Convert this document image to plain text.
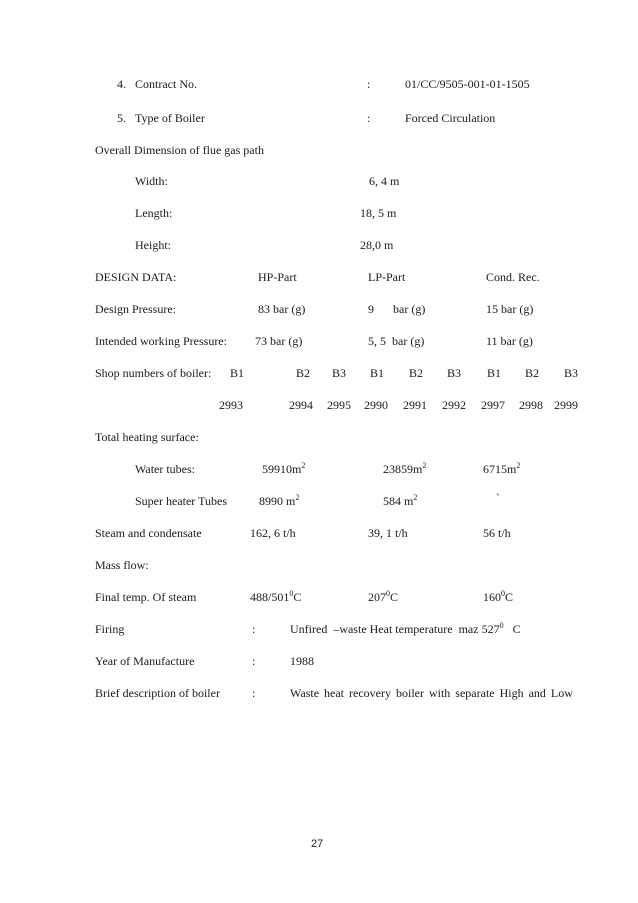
4. Contract No.	:	01/CC/9505-001-01-1505
5. Type of Boiler	:	Forced Circulation
Overall Dimension of flue gas path
Width:	6, 4 m
Length:	18, 5 m
Height:	28,0 m
DESIGN DATA:	HP-Part	LP-Part	Cond. Rec.
Design Pressure:	83 bar (g)	9 bar (g)	15 bar (g)
Intended working Pressure: 73 bar (g)	5, 5  bar (g)	11 bar (g)
Shop numbers of boiler: B1	B2 B3 B1 B2 B3 B1 B2 B3
2993	2994 2995 2990 2991 2992 2997 2998 2999
Total heating surface:
Water tubes:	$59910m^2$	$23859m^2$	$6715m^2$
Super heater Tubes	8990 $m^2$	584 $m^2$	`
Steam and condensate	162, 6 t/h	39, 1 t/h	56 t/h
Mass flow:
Final temp. Of steam	$488/501^0C$	$207^0C$	$160^0C$
Firing	:	Unfired  –waste Heat temperature  maz $527^0$ C
Year of Manufacture	:	1988
Brief description of boiler	:	Waste heat recovery boiler with separate High and Low
27
